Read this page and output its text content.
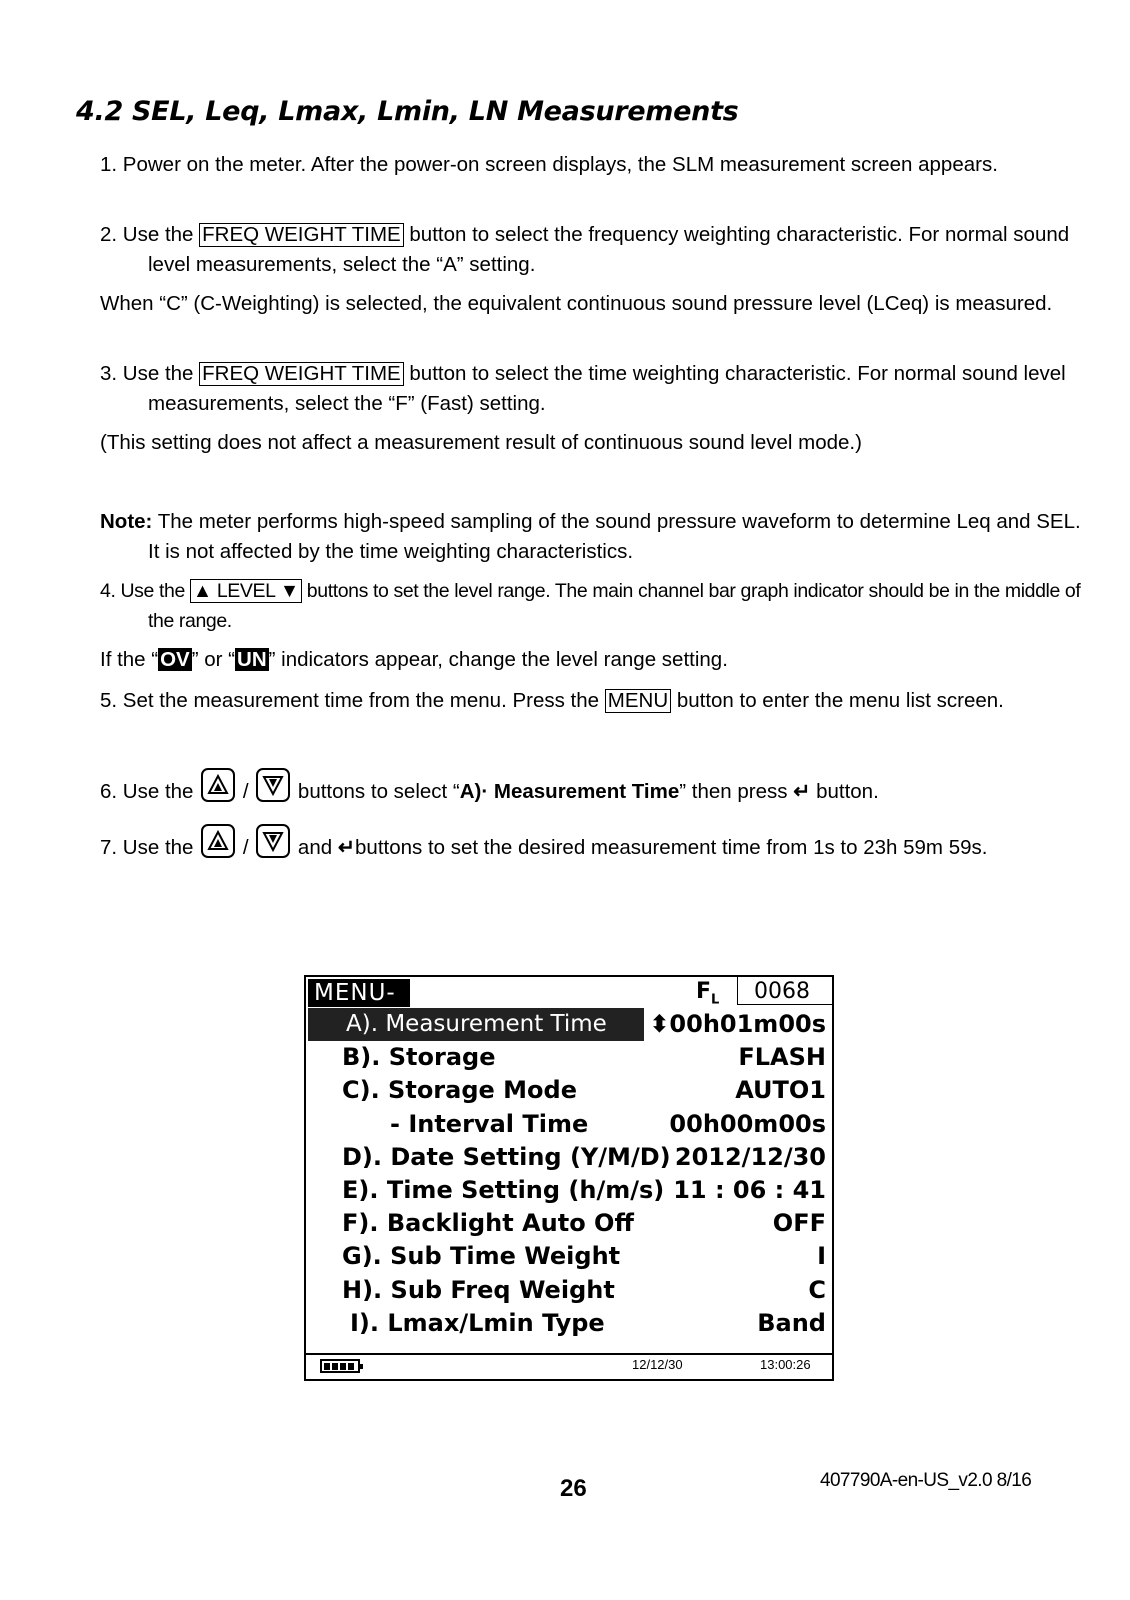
4.2 SEL, Leq, Lmax, Lmin, LN Measurements
1. Power on the meter. After the power-on screen displays, the SLM measurement screen appears.
2. Use the FREQ WEIGHT TIME button to select the frequency weighting characteristic. For normal sound level measurements, select the “A” setting.
When “C” (C-Weighting) is selected, the equivalent continuous sound pressure level (LCeq) is measured.
3. Use the FREQ WEIGHT TIME button to select the time weighting characteristic. For normal sound level measurements, select the “F” (Fast) setting.
(This setting does not affect a measurement result of continuous sound level mode.)
Note: The meter performs high-speed sampling of the sound pressure waveform to determine Leq and SEL. It is not affected by the time weighting characteristics.
4. Use the ▲ LEVEL ▼ buttons to set the level range. The main channel bar graph indicator should be in the middle of the range.
If the “OV” or “UN” indicators appear, change the level range setting.
5. Set the measurement time from the menu. Press the MENU button to enter the menu list screen.
6. Use the
/
buttons to select “A)· Measurement Time” then press ↵ button.
7. Use the
/
and ↵buttons to set the desired measurement time from 1s to 23h 59m 59s.
MENU-	$F_L$	0068
A). Measurement Time ⬍00h01m00s
B). Storage	FLASH
C). Storage Mode	AUTO1
- Interval Time	00h00m00s
D). Date Setting (Y/M/D) 2012/12/30
E). Time Setting (h/m/s) 11 : 06 : 41
F). Backlight Auto Off	OFF
G). Sub Time Weight	I
H). Sub Freq Weight	C
I). Lmax/Lmin Type	Band
12/12/30	13:00:26
26	407790A-en-US_v2.0 8/16
